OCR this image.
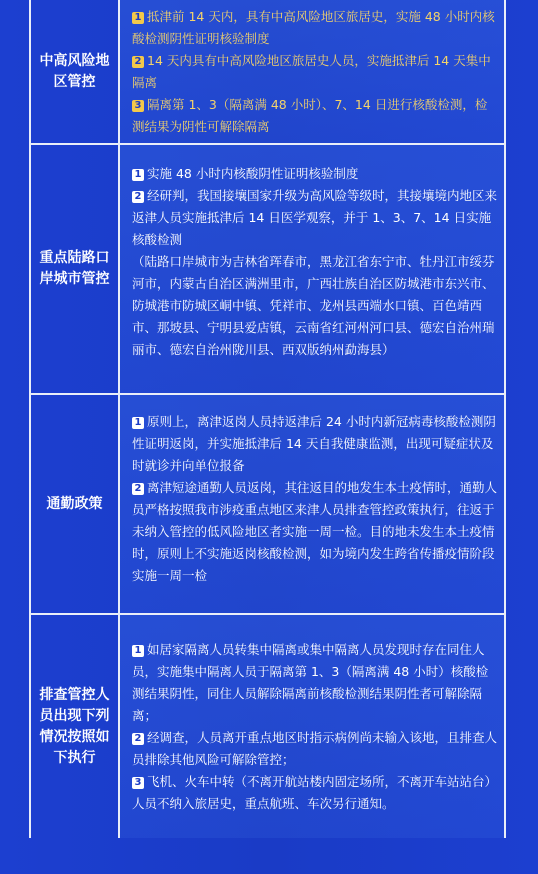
中高风险地区管控

1 抵津前 14 天内，具有中高风险地区旅居史，实施 48 小时内核酸检测阴性证明核验制度

2 14 天内具有中高风险地区旅居史人员，实施抵津后 14 天集中隔离

3 隔离第 1、3（隔离满 48 小时）、7、14 日进行核酸检测，检测结果为阴性可解除隔离

重点陆路口岸城市管控

1 实施 48 小时内核酸阴性证明核验制度

2 经研判，我国接壤国家升级为高风险等级时，其接壤境内地区来返津人员实施抵津后 14 日医学观察，并于 1、3、7、14 日实施核酸检测

（陆路口岸城市为吉林省珲春市，黑龙江省东宁市、牡丹江市绥芬河市，内蒙古自治区满洲里市，广西壮族自治区防城港市东兴市、防城港市防城区峒中镇、凭祥市、龙州县西端水口镇、百色靖西市、那坡县、宁明县爱店镇，云南省红河州河口县、德宏自治州瑞丽市、德宏自治州陇川县、西双版纳州勐海县）

通勤政策

1 原则上，离津返岗人员持返津后 24 小时内新冠病毒核酸检测阴性证明返岗，并实施抵津后 14 天自我健康监测，出现可疑症状及时就诊并向单位报备

2 离津短途通勤人员返岗，其往返目的地发生本土疫情时，通勤人员严格按照我市涉疫重点地区来津人员排查管控政策执行，往返于未纳入管控的低风险地区者实施一周一检。目的地未发生本土疫情时，原则上不实施返岗核酸检测，如为境内发生跨省传播疫情阶段实施一周一检

排查管控人员出现下列情况按照如下执行

1 如居家隔离人员转集中隔离或集中隔离人员发现时存在同住人员，实施集中隔离人员于隔离第 1、3（隔离满 48 小时）核酸检测结果阴性，同住人员解除隔离前核酸检测结果阴性者可解除隔离；

2 经调查，人员离开重点地区时指示病例尚未输入该地，且排查人员排除其他风险可解除管控；

3 飞机、火车中转（不离开航站楼内固定场所，不离开车站站台）人员不纳入旅居史，重点航班、车次另行通知。
